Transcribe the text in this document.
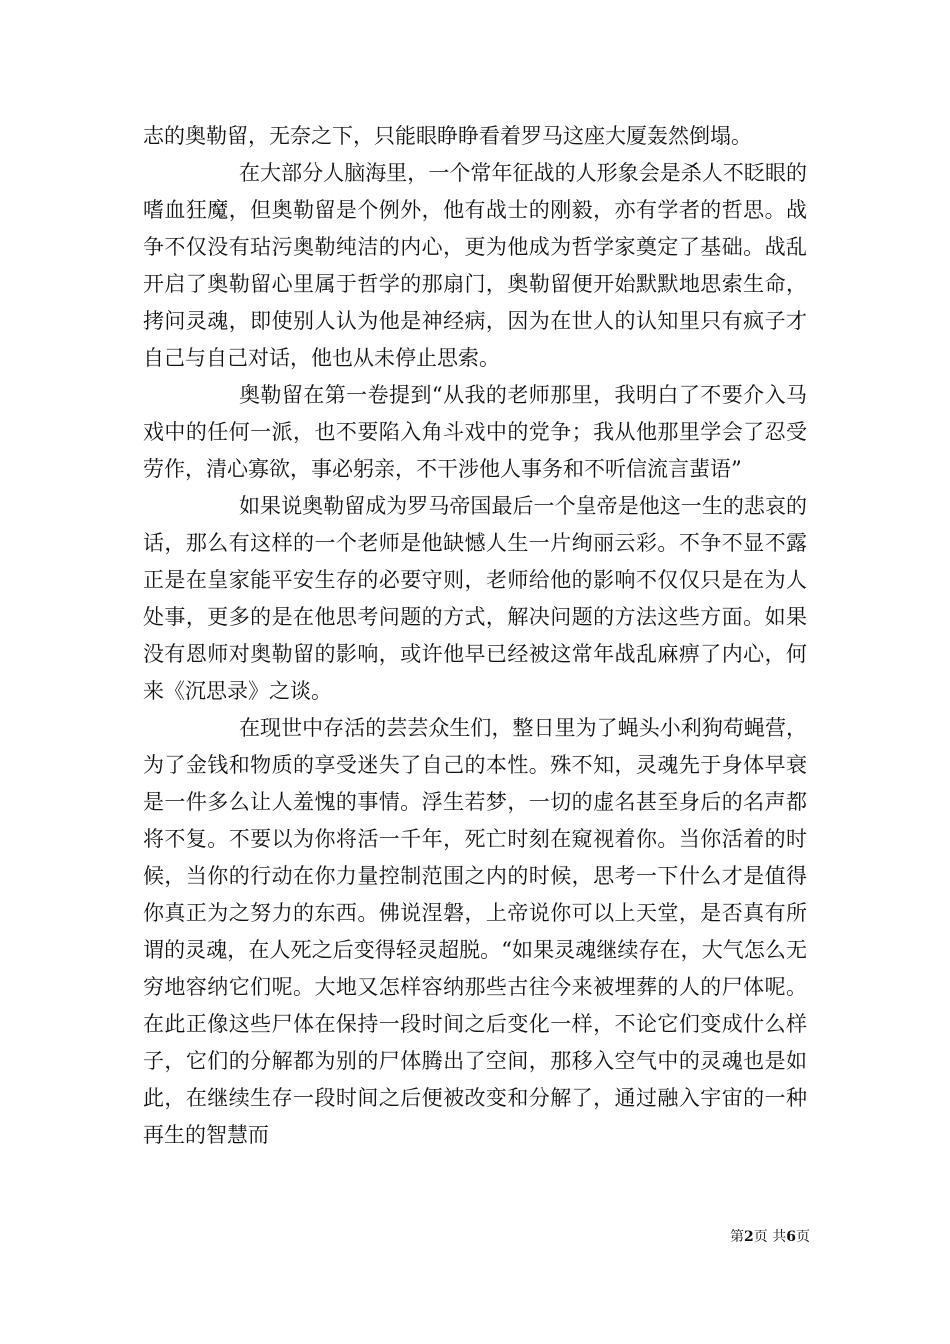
志的奥勒留，无奈之下，只能眼睁睁看着罗马这座大厦轰然倒塌。

在大部分人脑海里，一个常年征战的人形象会是杀人不眨眼的嗜血狂魔，但奥勒留是个例外，他有战士的刚毅，亦有学者的哲思。战争不仅没有玷污奥勒纯洁的内心，更为他成为哲学家奠定了基础。战乱开启了奥勒留心里属于哲学的那扇门，奥勒留便开始默默地思索生命，拷问灵魂，即使别人认为他是神经病，因为在世人的认知里只有疯子才自己与自己对话，他也从未停止思索。

奥勒留在第一卷提到“从我的老师那里，我明白了不要介入马戏中的任何一派，也不要陷入角斗戏中的党争；我从他那里学会了忍受劳作，清心寡欲，事必躬亲，不干涉他人事务和不听信流言蜚语”

如果说奥勒留成为罗马帝国最后一个皇帝是他这一生的悲哀的话，那么有这样的一个老师是他缺憾人生一片绚丽云彩。不争不显不露正是在皇家能平安生存的必要守则，老师给他的影响不仅仅只是在为人处事，更多的是在他思考问题的方式，解决问题的方法这些方面。如果没有恩师对奥勒留的影响，或许他早已经被这常年战乱麻痹了内心，何来《沉思录》之谈。

在现世中存活的芸芸众生们，整日里为了蝇头小利狗苟蝇营，为了金钱和物质的享受迷失了自己的本性。殊不知，灵魂先于身体早衰是一件多么让人羞愧的事情。浮生若梦，一切的虚名甚至身后的名声都将不复。不要以为你将活一千年，死亡时刻在窥视着你。当你活着的时候，当你的行动在你力量控制范围之内的时候，思考一下什么才是值得你真正为之努力的东西。佛说涅磐，上帝说你可以上天堂，是否真有所谓的灵魂，在人死之后变得轻灵超脱。“如果灵魂继续存在，大气怎么无穷地容纳它们呢。大地又怎样容纳那些古往今来被埋葬的人的尸体呢。在此正像这些尸体在保持一段时间之后变化一样，不论它们变成什么样子，它们的分解都为别的尸体腾出了空间，那移入空气中的灵魂也是如此，在继续生存一段时间之后便被改变和分解了，通过融入宇宙的一种再生的智慧而

第2页 共6页
